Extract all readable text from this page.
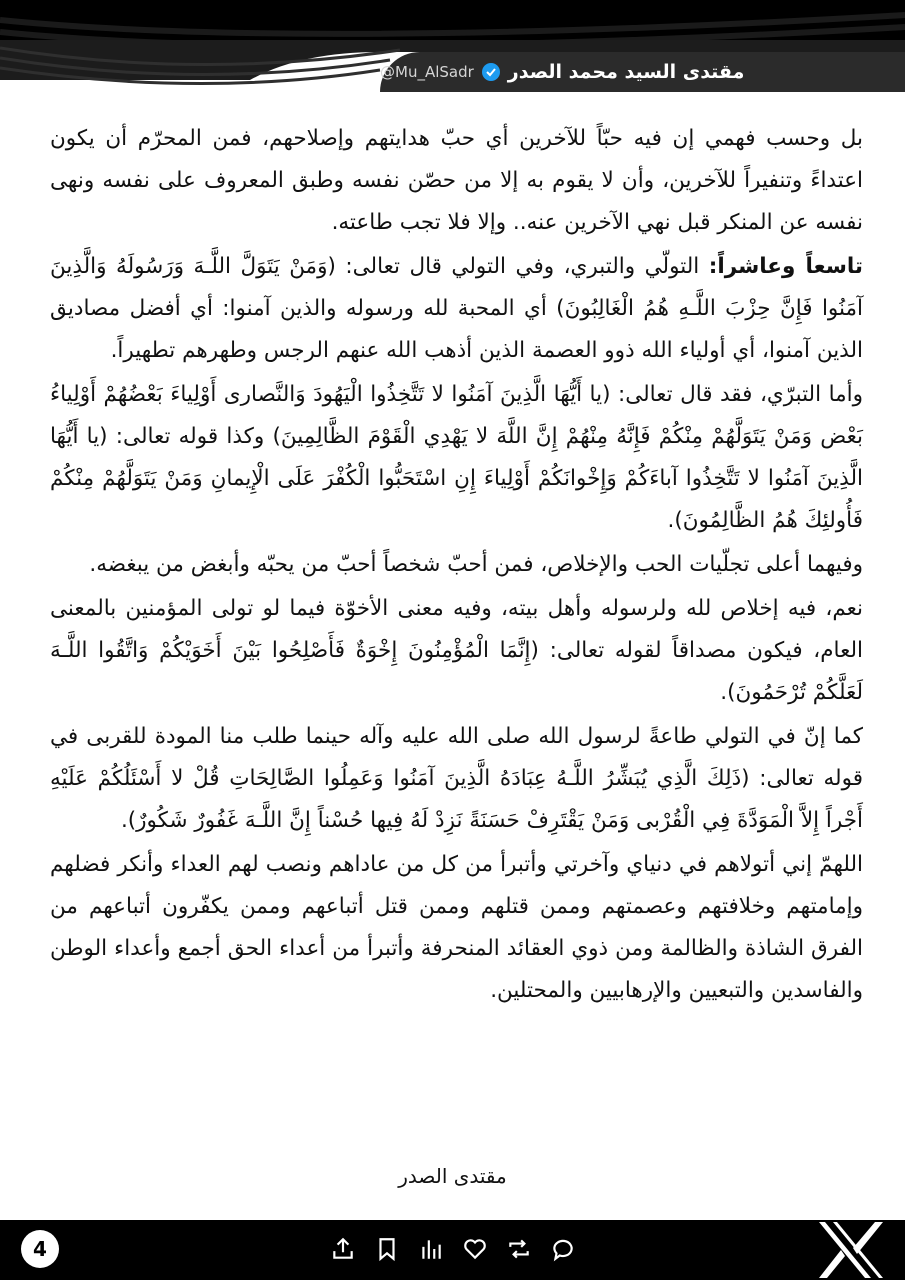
مقتدى السيد محمد الصدر
@Mu_AlSadr

بل وحسب فهمي إن فيه حبّاً للآخرين أي حبّ هدايتهم وإصلاحهم، فمن المحرّم أن يكون اعتداءً وتنفيراً للآخرين، وأن لا يقوم به إلا من حصّن نفسه وطبق المعروف على نفسه ونهى نفسه عن المنكر قبل نهي الآخرين عنه.. وإلا فلا تجب طاعته.

تاسعاً وعاشراً: التولّي والتبري، وفي التولي قال تعالى: (وَمَنْ يَتَوَلَّ اللَّـهَ وَرَسُولَهُ وَالَّذِينَ آمَنُوا فَإِنَّ حِزْبَ اللَّـهِ هُمُ الْغَالِبُونَ) أي المحبة لله ورسوله والذين آمنوا: أي أفضل مصاديق الذين آمنوا، أي أولياء الله ذوو العصمة الذين أذهب الله عنهم الرجس وطهرهم تطهيراً.

وأما التبرّي، فقد قال تعالى: (يا أَيُّهَا الَّذِينَ آمَنُوا لا تَتَّخِذُوا الْيَهُودَ وَالنَّصارى أَوْلِياءَ بَعْضُهُمْ أَوْلِياءُ بَعْض وَمَنْ يَتَوَلَّهُمْ مِنْكُمْ فَإِنَّهُ مِنْهُمْ إِنَّ اللَّهَ لا يَهْدِي الْقَوْمَ الظَّالِمِينَ) وكذا قوله تعالى: (يا أَيُّهَا الَّذِينَ آمَنُوا لا تَتَّخِذُوا آباءَكُمْ وَإِخْوانَكُمْ أَوْلِياءَ إِنِ اسْتَحَبُّوا الْكُفْرَ عَلَى الْإِيمانِ وَمَنْ يَتَوَلَّهُمْ مِنْكُمْ فَأُولئِكَ هُمُ الظَّالِمُونَ).

وفيهما أعلى تجلّيات الحب والإخلاص، فمن أحبّ شخصاً أحبّ من يحبّه وأبغض من يبغضه.

نعم، فيه إخلاص لله ولرسوله وأهل بيته، وفيه معنى الأخوّة فيما لو تولى المؤمنين بالمعنى العام، فيكون مصداقاً لقوله تعالى: (إِنَّمَا الْمُؤْمِنُونَ إِخْوَةٌ فَأَصْلِحُوا بَيْنَ أَخَوَيْكُمْ وَاتَّقُوا اللَّـهَ لَعَلَّكُمْ تُرْحَمُونَ).

كما إنّ في التولي طاعةً لرسول الله صلى الله عليه وآله حينما طلب منا المودة للقربى في قوله تعالى: (ذَلِكَ الَّذِي يُبَشِّرُ اللَّـهُ عِبَادَهُ الَّذِينَ آمَنُوا وَعَمِلُوا الصَّالِحَاتِ قُلْ لا أَسْئَلُكُمْ عَلَيْهِ أَجْراً إِلاَّ الْمَوَدَّةَ فِي الْقُرْبى وَمَنْ يَقْتَرِفْ حَسَنَةً نَزِدْ لَهُ فِيها حُسْناً إِنَّ اللَّـهَ غَفُورٌ شَكُورٌ).

اللهمّ إني أتولاهم في دنياي وآخرتي وأتبرأ من كل من عاداهم ونصب لهم العداء وأنكر فضلهم وإمامتهم وخلافتهم وعصمتهم وممن قتلهم وممن قتل أتباعهم وممن يكفّرون أتباعهم من الفرق الشاذة والظالمة ومن ذوي العقائد المنحرفة وأتبرأ من أعداء الحق أجمع وأعداء الوطن والفاسدين والتبعيين والإرهابيين والمحتلين.

مقتدى الصدر
4
